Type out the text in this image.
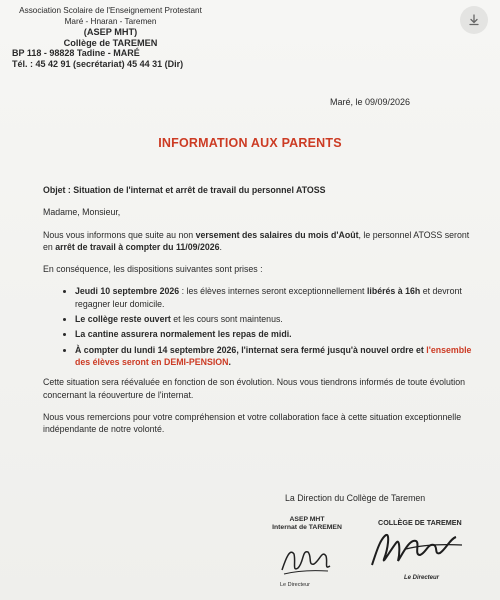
Association Scolaire de l'Enseignement Protestant
Maré - Hnaran - Taremen
(ASEP MHT)
Collège de TAREMEN
BP 118 - 98828 Tadine - MARÉ
Tél. : 45 42 91 (secrétariat) 45 44 31 (Dir)
Maré, le 09/09/2026
INFORMATION AUX PARENTS

Objet : Situation de l'internat et arrêt de travail du personnel ATOSS

Madame, Monsieur,

Nous vous informons que suite au non versement des salaires du mois d'Août, le personnel ATOSS seront en arrêt de travail à compter du 11/09/2026.

En conséquence, les dispositions suivantes sont prises :

• Jeudi 10 septembre 2026 : les élèves internes seront exceptionnellement libérés à 16h et devront regagner leur domicile.
• Le collège reste ouvert et les cours sont maintenus.
• La cantine assurera normalement les repas de midi.
• À compter du lundi 14 septembre 2026, l'internat sera fermé jusqu'à nouvel ordre et l'ensemble des élèves seront en DEMI-PENSION.

Cette situation sera réévaluée en fonction de son évolution. Nous vous tiendrons informés de toute évolution concernant la réouverture de l'internat.

Nous vous remercions pour votre compréhension et votre collaboration face à cette situation exceptionnelle indépendante de notre volonté.

La Direction du Collège de Taremen
ASEP MHT
Internat de TAREMEN
Le Directeur
COLLÈGE DE TAREMEN
Le Directeur
